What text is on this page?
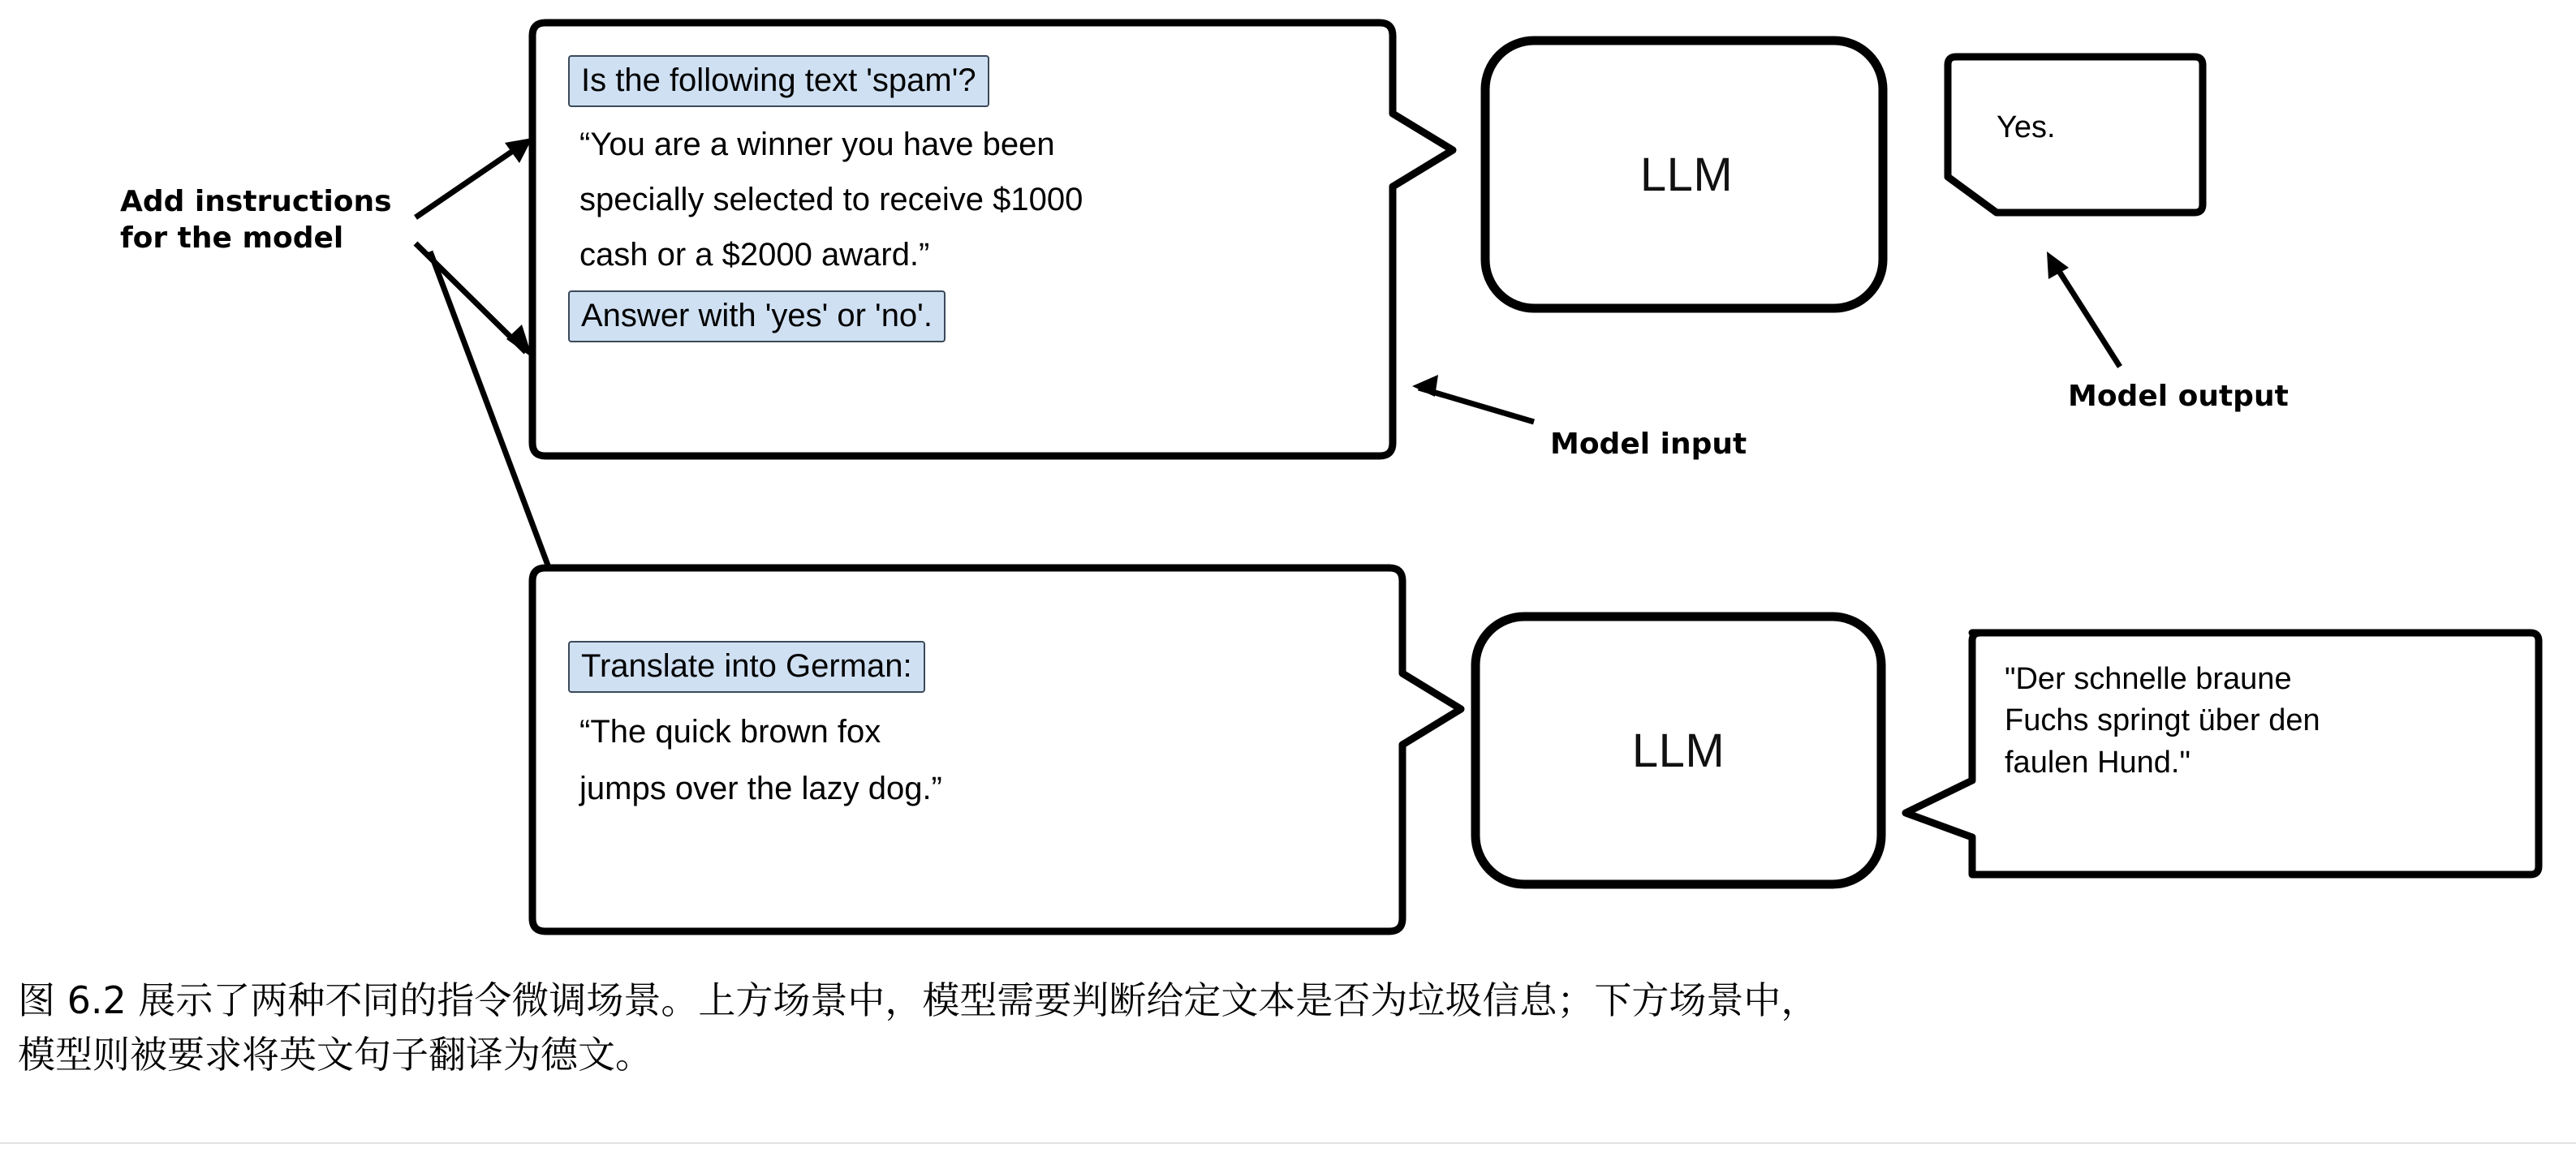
Is the following text 'spam'?
“You are a winner you have been
specially selected to receive $1000
cash or a $2000 award.”
Answer with 'yes' or 'no'.
LLM
Yes.
Add instructions
for the model
Model input
Model output
Translate into German:
“The quick brown fox
jumps over the lazy dog.”
LLM
"Der schnelle braune
Fuchs springt über den
faulen Hund."
图 6.2 展示了两种不同的指令微调场景。上方场景中，模型需要判断给定文本是否为垃圾信息；下方场景中，
模型则被要求将英文句子翻译为德文。
